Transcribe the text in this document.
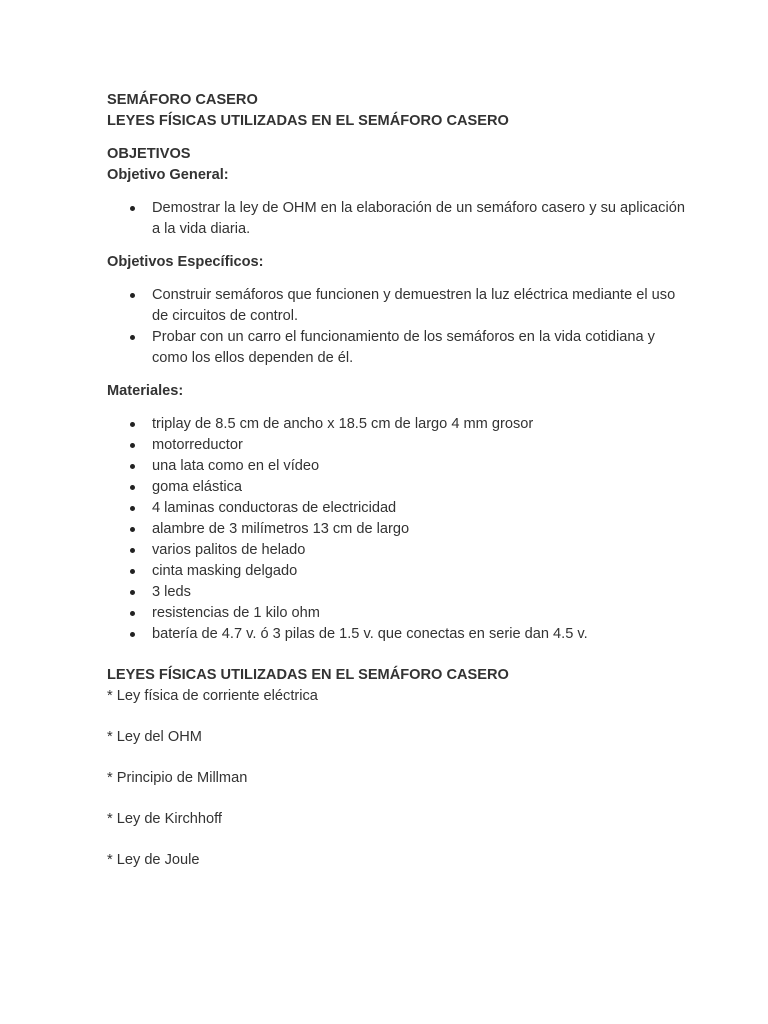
SEMÁFORO CASERO

LEYES FÍSICAS UTILIZADAS EN EL SEMÁFORO CASERO

OBJETIVOS

Objetivo General:

Demostrar la ley de OHM en la elaboración de un semáforo casero y su aplicación a la vida diaria.

Objetivos Específicos:

Construir semáforos que funcionen y demuestren la luz eléctrica mediante el uso de circuitos de control.
Probar con un carro el funcionamiento de los semáforos en la vida cotidiana y como los ellos dependen de él.

Materiales:

triplay de 8.5 cm de ancho x 18.5 cm de largo 4 mm grosor
motorreductor
una lata como en el vídeo
goma elástica
4 laminas conductoras de electricidad
alambre de 3 milímetros 13 cm de largo
varios palitos de helado
cinta masking delgado
3 leds
resistencias de 1 kilo ohm
batería de 4.7 v. ó 3 pilas de 1.5 v. que conectas en serie dan 4.5 v.

LEYES FÍSICAS UTILIZADAS EN EL SEMÁFORO CASERO

* Ley física de corriente eléctrica

* Ley del OHM

* Principio de Millman

* Ley de Kirchhoff

* Ley de Joule
